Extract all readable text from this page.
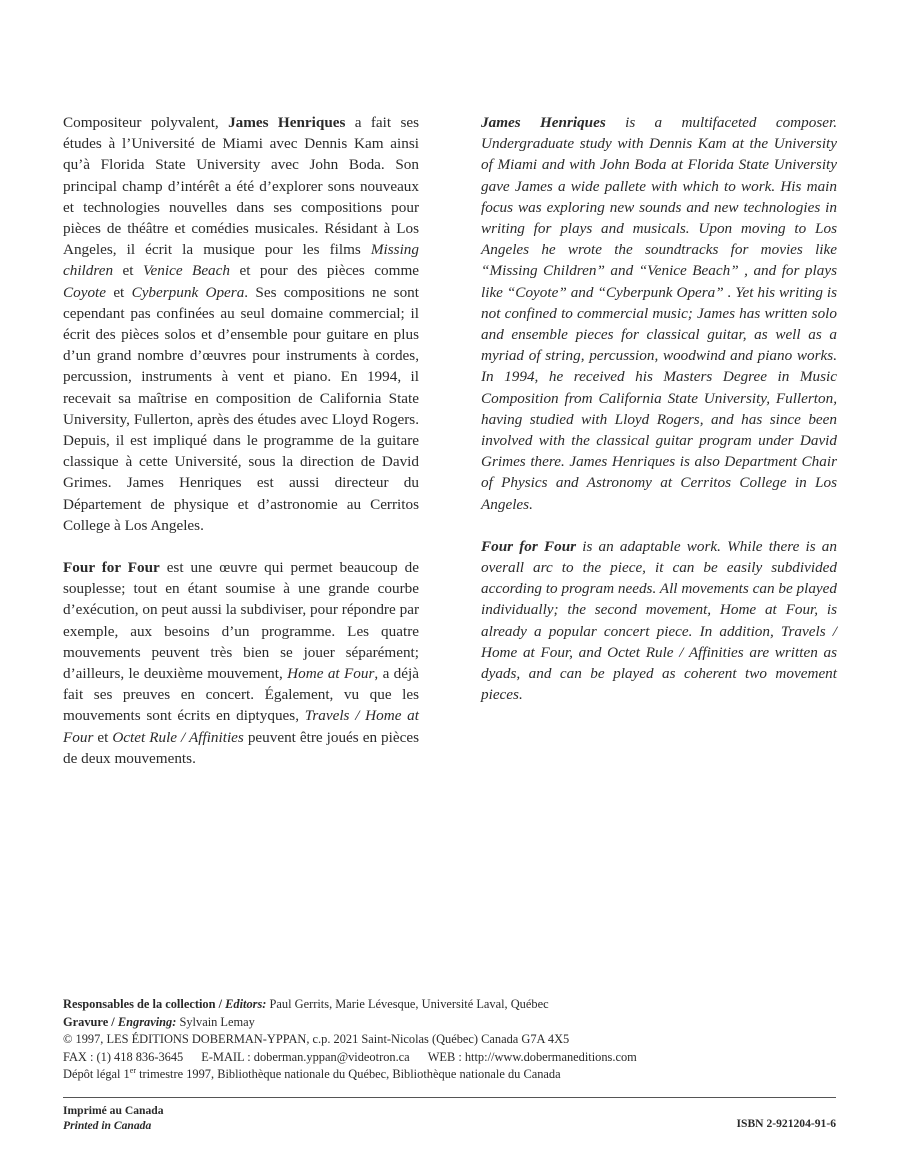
Compositeur polyvalent, James Henriques a fait ses études à l’Université de Miami avec Dennis Kam ainsi qu’à Florida State University avec John Boda. Son principal champ d’intérêt a été d’explorer sons nouveaux et technologies nouvelles dans ses compositions pour pièces de théâtre et comédies musicales. Résidant à Los Angeles, il écrit la musique pour les films Missing children et Venice Beach et pour des pièces comme Coyote et Cyberpunk Opera. Ses compositions ne sont cependant pas confinées au seul domaine commercial; il écrit des pièces solos et d’ensemble pour guitare en plus d’un grand nombre d’œuvres pour instruments à cordes, percussion, instruments à vent et piano. En 1994, il recevait sa maîtrise en composition de California State University, Fullerton, après des études avec Lloyd Rogers. Depuis, il est impliqué dans le programme de la guitare classique à cette Université, sous la direction de David Grimes. James Henriques est aussi directeur du Département de physique et d’astronomie au Cerritos College à Los Angeles.

Four for Four est une œuvre qui permet beaucoup de souplesse; tout en étant soumise à une grande courbe d’exécution, on peut aussi la subdiviser, pour répondre par exemple, aux besoins d’un programme. Les quatre mouvements peuvent très bien se jouer séparément; d’ailleurs, le deuxième mouvement, Home at Four, a déjà fait ses preuves en concert. Également, vu que les mouvements sont écrits en diptyques, Travels / Home at Four et Octet Rule / Affinities peuvent être joués en pièces de deux mouvements.

James Henriques is a multifaceted composer. Undergraduate study with Dennis Kam at the University of Miami and with John Boda at Florida State University gave James a wide pallete with which to work. His main focus was exploring new sounds and new technologies in writing for plays and musicals. Upon moving to Los Angeles he wrote the soundtracks for movies like “Missing Children” and “Venice Beach” , and for plays like “Coyote” and “Cyberpunk Opera” . Yet his writing is not confined to commercial music; James has written solo and ensemble pieces for classical guitar, as well as a myriad of string, percussion, woodwind and piano works. In 1994, he received his Masters Degree in Music Composition from California State University, Fullerton, having studied with Lloyd Rogers, and has since been involved with the classical guitar program under David Grimes there. James Henriques is also Department Chair of Physics and Astronomy at Cerritos College in Los Angeles.

Four for Four is an adaptable work. While there is an overall arc to the piece, it can be easily subdivided according to program needs. All movements can be played individually; the second movement, Home at Four, is already a popular concert piece. In addition, Travels / Home at Four, and Octet Rule / Affinities are written as dyads, and can be played as coherent two movement pieces.

Responsables de la collection / Editors: Paul Gerrits, Marie Lévesque, Université Laval, Québec
Gravure / Engraving: Sylvain Lemay
© 1997, LES ÉDITIONS DOBERMAN-YPPAN, c.p. 2021 Saint-Nicolas (Québec) Canada G7A 4X5
FAX : (1) 418 836-3645 E-MAIL : doberman.yppan@videotron.ca WEB : http://www.dobermaneditions.com
Dépôt légal 1er trimestre 1997, Bibliothèque nationale du Québec, Bibliothèque nationale du Canada
Imprimé au Canada
Printed in Canada	ISBN 2-921204-91-6
